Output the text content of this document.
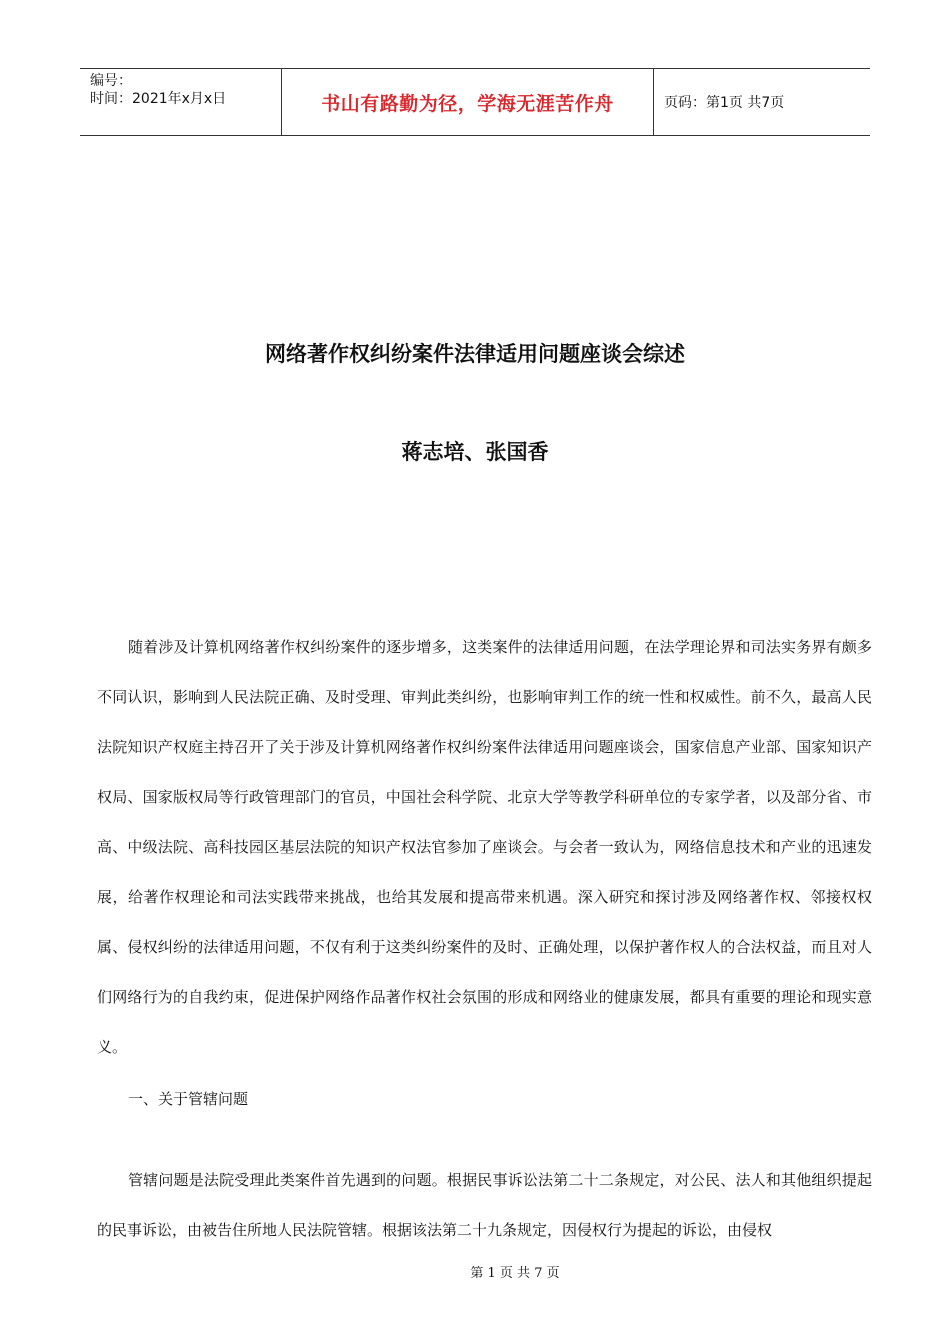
编号：
时间：2021年x月x日	书山有路勤为径，学海无涯苦作舟	页码：第1页 共7页
网络著作权纠纷案件法律适用问题座谈会综述
蒋志培、张国香

随着涉及计算机网络著作权纠纷案件的逐步增多，这类案件的法律适用问题，在法学理论界和司法实务界有颇多不同认识，影响到人民法院正确、及时受理、审判此类纠纷，也影响审判工作的统一性和权威性。前不久，最高人民法院知识产权庭主持召开了关于涉及计算机网络著作权纠纷案件法律适用问题座谈会，国家信息产业部、国家知识产权局、国家版权局等行政管理部门的官员，中国社会科学院、北京大学等教学科研单位的专家学者，以及部分省、市高、中级法院、高科技园区基层法院的知识产权法官参加了座谈会。与会者一致认为，网络信息技术和产业的迅速发展，给著作权理论和司法实践带来挑战，也给其发展和提高带来机遇。深入研究和探讨涉及网络著作权、邻接权权属、侵权纠纷的法律适用问题，不仅有利于这类纠纷案件的及时、正确处理，以保护著作权人的合法权益，而且对人们网络行为的自我约束，促进保护网络作品著作权社会氛围的形成和网络业的健康发展，都具有重要的理论和现实意义。

一、关于管辖问题

管辖问题是法院受理此类案件首先遇到的问题。根据民事诉讼法第二十二条规定，对公民、法人和其他组织提起的民事诉讼，由被告住所地人民法院管辖。根据该法第二十九条规定，因侵权行为提起的诉讼，由侵权

第 1 页 共 7 页
